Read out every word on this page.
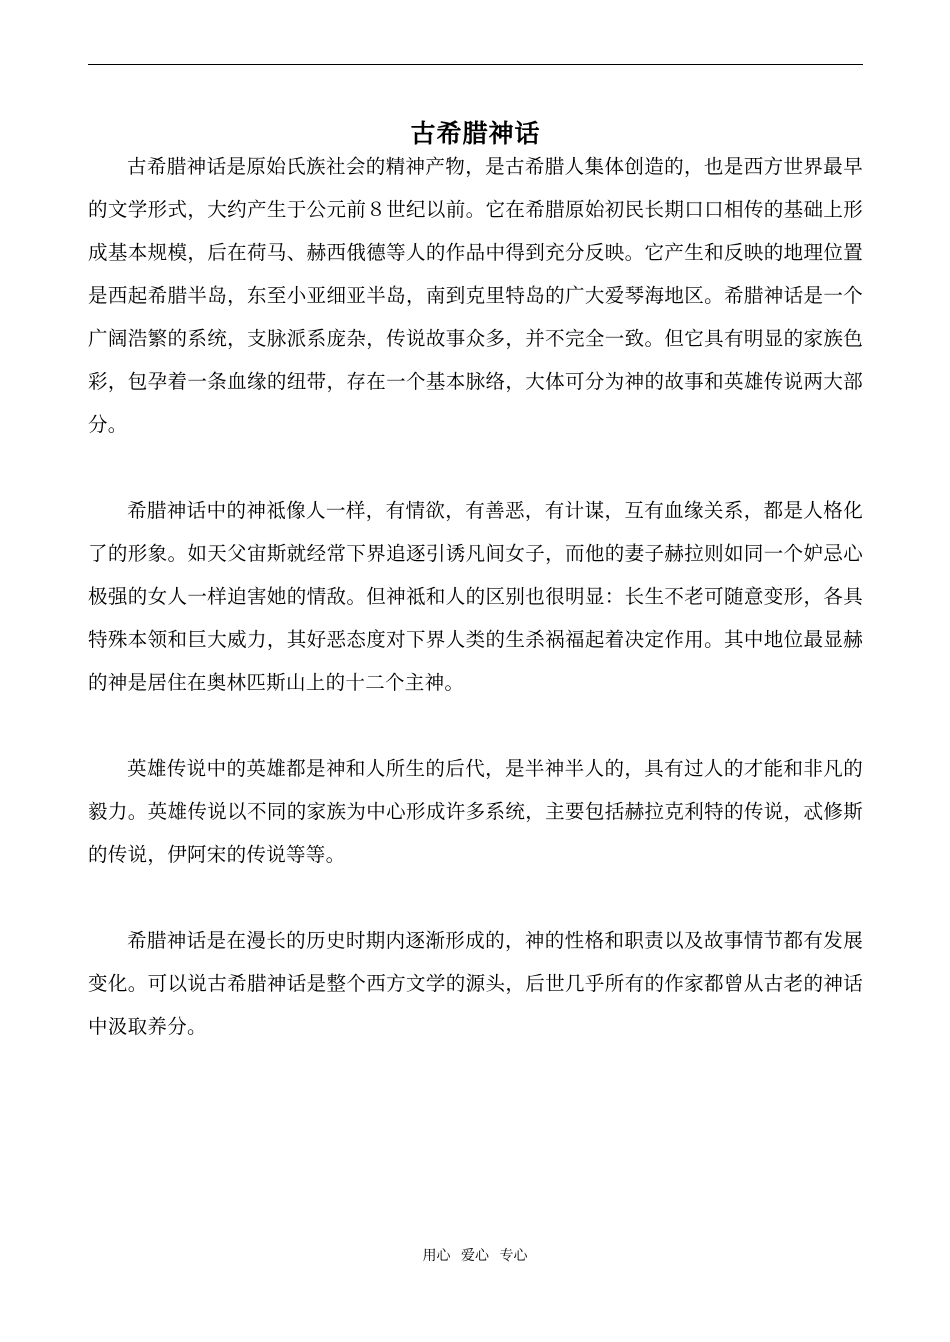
古希腊神话

古希腊神话是原始氏族社会的精神产物，是古希腊人集体创造的，也是西方世界最早的文学形式，大约产生于公元前８世纪以前。它在希腊原始初民长期口口相传的基础上形成基本规模，后在荷马、赫西俄德等人的作品中得到充分反映。它产生和反映的地理位置是西起希腊半岛，东至小亚细亚半岛，南到克里特岛的广大爱琴海地区。希腊神话是一个广阔浩繁的系统，支脉派系庞杂，传说故事众多，并不完全一致。但它具有明显的家族色彩，包孕着一条血缘的纽带，存在一个基本脉络，大体可分为神的故事和英雄传说两大部分。

希腊神话中的神祗像人一样，有情欲，有善恶，有计谋，互有血缘关系，都是人格化了的形象。如天父宙斯就经常下界追逐引诱凡间女子，而他的妻子赫拉则如同一个妒忌心极强的女人一样迫害她的情敌。但神祗和人的区别也很明显：长生不老可随意变形，各具特殊本领和巨大威力，其好恶态度对下界人类的生杀祸福起着决定作用。其中地位最显赫的神是居住在奥林匹斯山上的十二个主神。

英雄传说中的英雄都是神和人所生的后代，是半神半人的，具有过人的才能和非凡的毅力。英雄传说以不同的家族为中心形成许多系统，主要包括赫拉克利特的传说，忒修斯的传说，伊阿宋的传说等等。

希腊神话是在漫长的历史时期内逐渐形成的，神的性格和职责以及故事情节都有发展变化。可以说古希腊神话是整个西方文学的源头，后世几乎所有的作家都曾从古老的神话中汲取养分。

用心 爱心 专心
